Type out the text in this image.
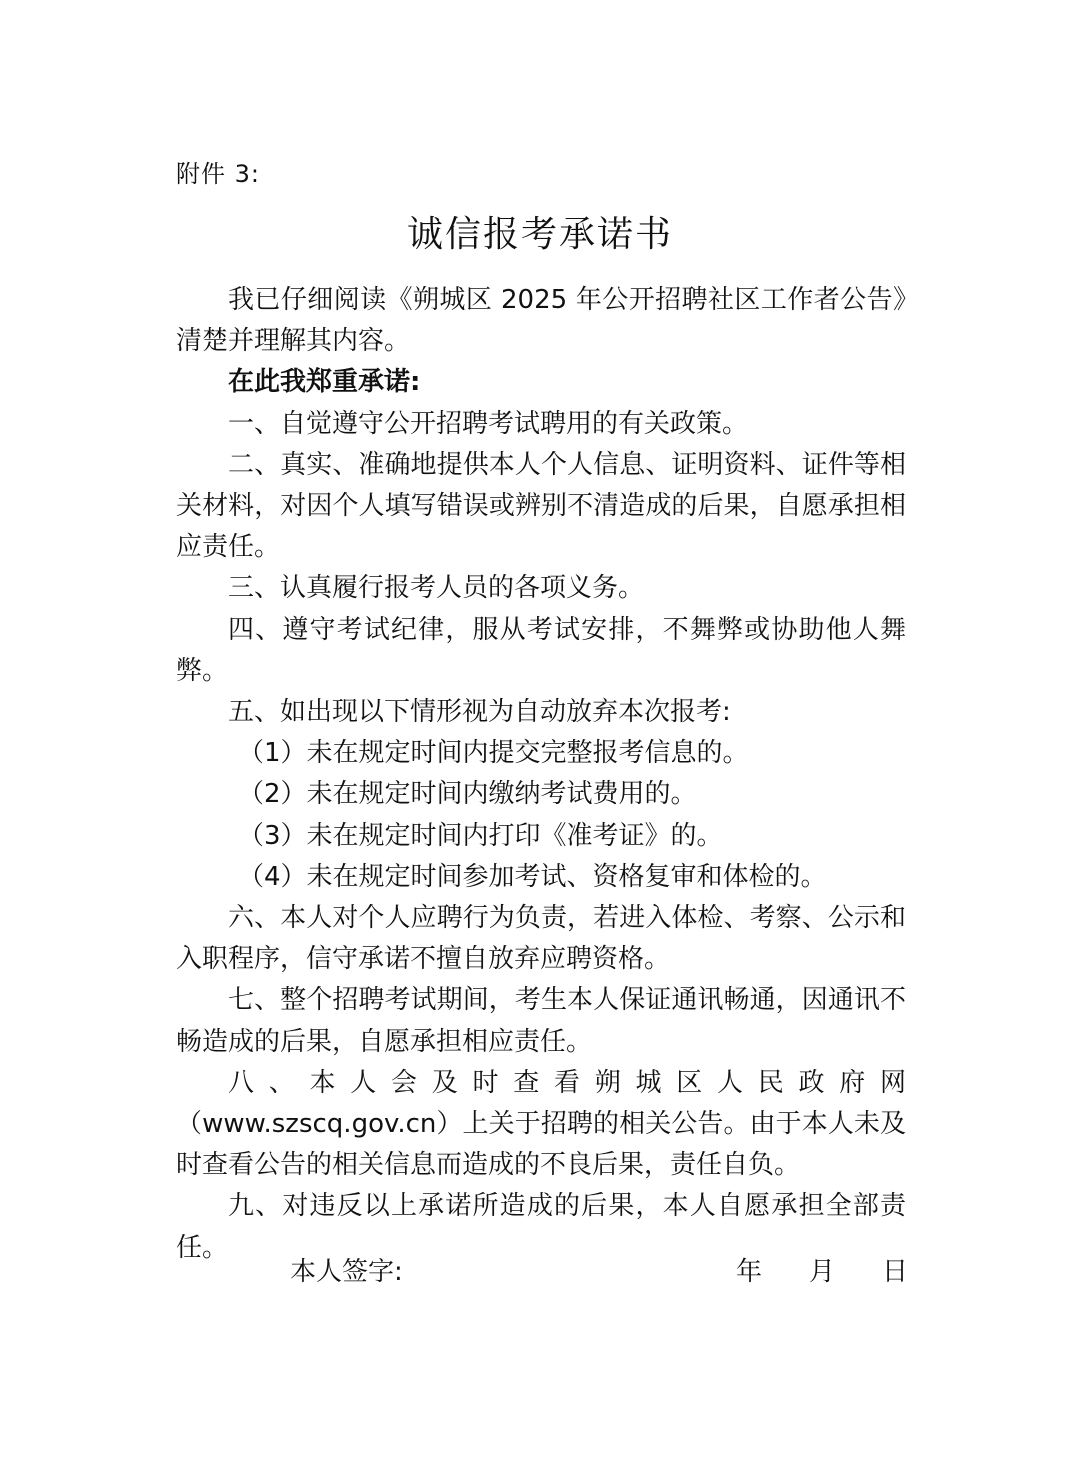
附件 3:
诚信报考承诺书

我已仔细阅读《朔城区 2025 年公开招聘社区工作者公告》清楚并理解其内容。

在此我郑重承诺:

一、自觉遵守公开招聘考试聘用的有关政策。

二、真实、准确地提供本人个人信息、证明资料、证件等相关材料，对因个人填写错误或辨别不清造成的后果，自愿承担相应责任。

三、认真履行报考人员的各项义务。

四、遵守考试纪律，服从考试安排，不舞弊或协助他人舞弊。

五、如出现以下情形视为自动放弃本次报考:

（1）未在规定时间内提交完整报考信息的。

（2）未在规定时间内缴纳考试费用的。

（3）未在规定时间内打印《准考证》的。

（4）未在规定时间参加考试、资格复审和体检的。

六、本人对个人应聘行为负责，若进入体检、考察、公示和入职程序，信守承诺不擅自放弃应聘资格。

七、整个招聘考试期间，考生本人保证通讯畅通，因通讯不畅造成的后果，自愿承担相应责任。

八、本人会及时查看朔城区人民政府网

（www.szscq.gov.cn）上关于招聘的相关公告。由于本人未及时查看公告的相关信息而造成的不良后果，责任自负。

九、对违反以上承诺所造成的后果，本人自愿承担全部责任。

本人签字:	年 月 日
